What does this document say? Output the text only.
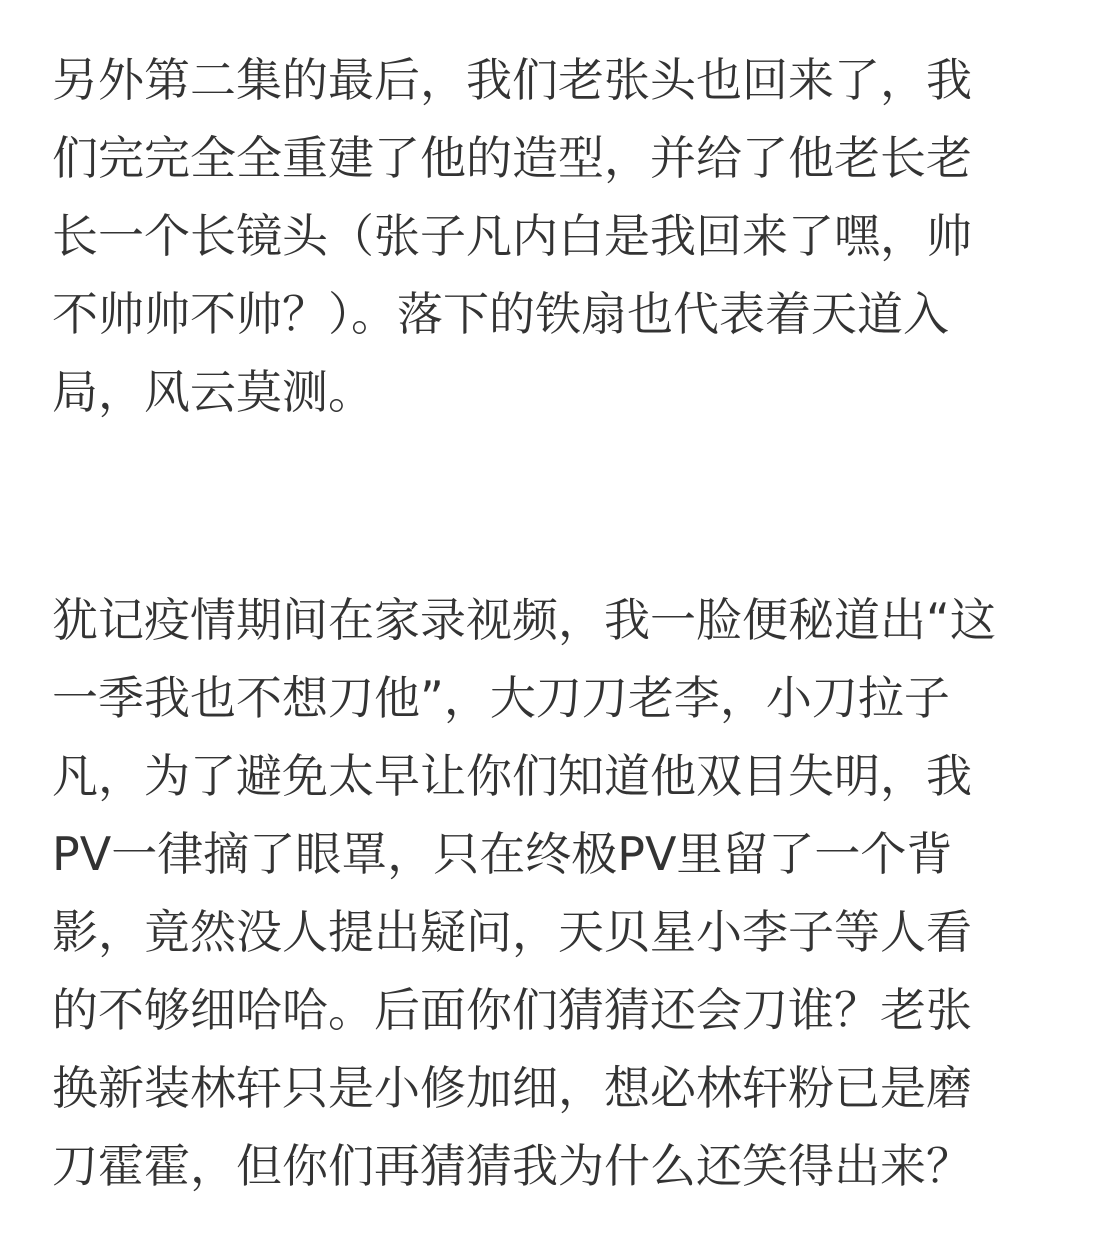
另外第二集的最后，我们老张头也回来了，我
们完完全全重建了他的造型，并给了他老长老
长一个长镜头（张子凡内白是我回来了嘿，帅
不帅帅不帅？）。落下的铁扇也代表着天道入
局，风云莫测。

犹记疫情期间在家录视频，我一脸便秘道出“这
一季我也不想刀他”，大刀刀老李，小刀拉子
凡，为了避免太早让你们知道他双目失明，我
PV一律摘了眼罩，只在终极PV里留了一个背
影，竟然没人提出疑问，天贝星小李子等人看
的不够细哈哈。后面你们猜猜还会刀谁？老张
换新装林轩只是小修加细，想必林轩粉已是磨
刀霍霍，但你们再猜猜我为什么还笑得出来？
